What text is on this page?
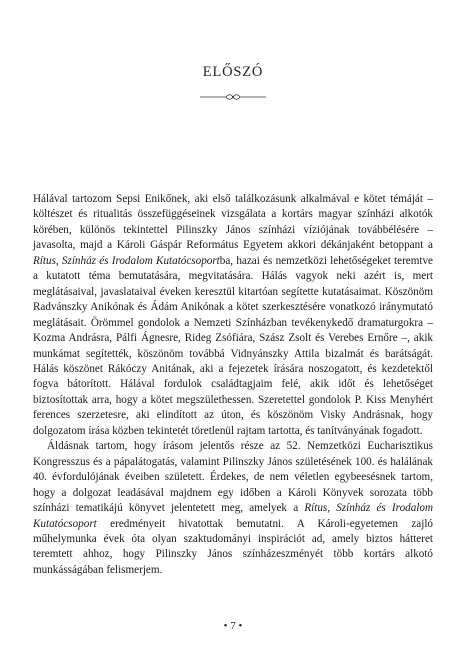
ELŐSZÓ

Hálával tartozom Sepsi Enikőnek, aki első találkozásunk alkalmával e kötet témáját – költészet és ritualitás összefüggéseinek vizsgálata a kortárs magyar színházi alkotók körében, különös tekintettel Pilinszky János színházi víziójának továbbélésére – javasolta, majd a Károli Gáspár Református Egyetem akkori dékánjaként betoppant a Rítus, Színház és Irodalom Kutatócsoportba, hazai és nemzetközi lehetőségeket teremtve a kutatott téma bemutatására, megvitatására. Hálás vagyok neki azért is, mert meglátásaival, javaslataival éveken keresztül kitartóan segítette kutatásaimat. Köszönöm Radvánszky Anikónak és Ádám Anikónak a kötet szerkesztésére vonatkozó iránymutató meglátásait. Örömmel gondolok a Nemzeti Színházban tevékenykedő dramaturgokra – Kozma Andrásra, Pálfi Ágnesre, Rideg Zsófiára, Szász Zsolt és Verebes Ernőre –, akik munkámat segítették, köszönöm továbbá Vidnyánszky Attila bizalmát és barátságát. Hálás köszönet Rákóczy Anitának, aki a fejezetek írására noszogatott, és kezdetektől fogva bátorított. Hálával fordulok családtagjaim felé, akik időt és lehetőséget biztosítottak arra, hogy a kötet megszülethessen. Szeretettel gondolok P. Kiss Menyhért ferences szerzetesre, aki elindított az úton, és köszönöm Visky Andrásnak, hogy dolgozatom írása közben tekintetét töretlenül rajtam tartotta, és tanítványának fogadott.

Áldásnak tartom, hogy írásom jelentős része az 52. Nemzetközi Eucharisztikus Kongresszus és a pápalátogatás, valamint Pilinszky János születésének 100. és halálának 40. évfordulójának éveiben született. Érdekes, de nem véletlen egybeesésnek tartom, hogy a dolgozat leadásával majdnem egy időben a Károli Könyvek sorozata több színházi tematikájú könyvet jelentetett meg, amelyek a Rítus, Színház és Irodalom Kutatócsoport eredményeit hivatottak bemutatni. A Károli-egyetemen zajló műhelymunka évek óta olyan szaktudományi inspirációt ad, amely biztos hátteret teremtett ahhoz, hogy Pilinszky János színházeszményét több kortárs alkotó munkásságában felismerjem.

• 7 •
